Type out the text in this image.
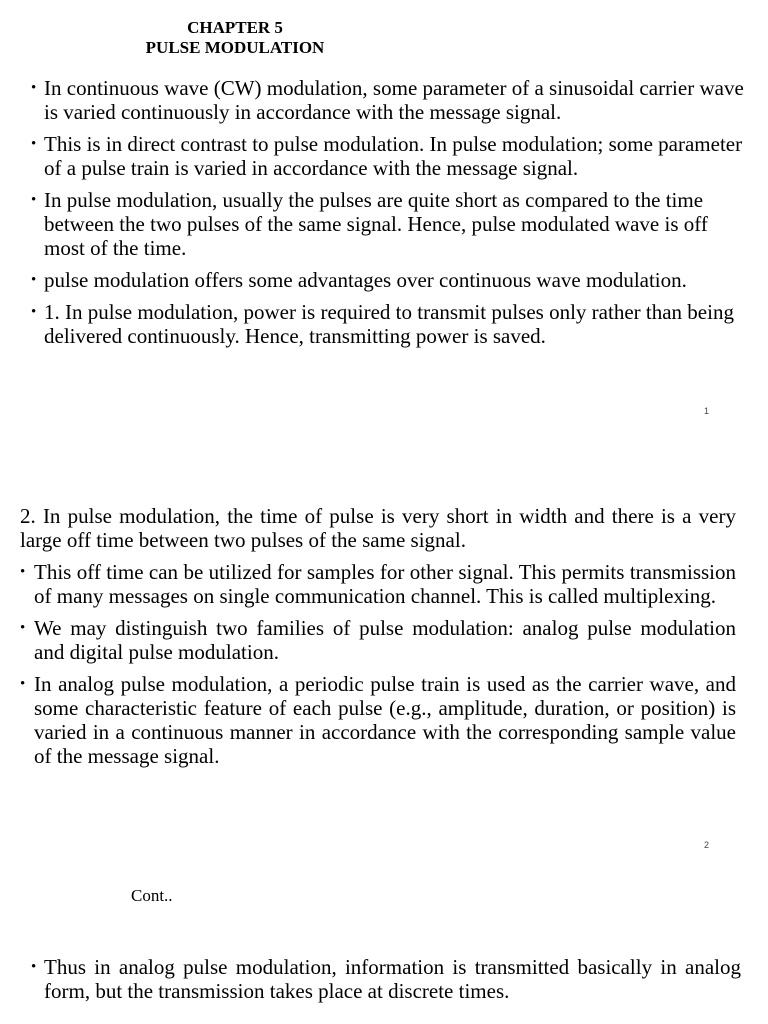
CHAPTER 5
PULSE MODULATION
• In continuous wave (CW) modulation, some parameter of a sinusoidal carrier wave is varied continuously in accordance with the message signal.
• This is in direct contrast to pulse modulation. In pulse modulation; some parameter of a pulse train is varied in accordance with the message signal.
• In pulse modulation, usually the pulses are quite short as compared to the time between the two pulses of the same signal. Hence, pulse modulated wave is off most of the time.
• pulse modulation offers some advantages over continuous wave modulation.
• 1. In pulse modulation, power is required to transmit pulses only rather than being delivered continuously. Hence, transmitting power is saved.
1
2. In pulse modulation, the time of pulse is very short in width and there is a very large off time between two pulses of the same signal.
• This off time can be utilized for samples for other signal. This permits transmission of many messages on single communication channel. This is called multiplexing.
• We may distinguish two families of pulse modulation: analog pulse modulation and digital pulse modulation.
• In analog pulse modulation, a periodic pulse train is used as the carrier wave, and some characteristic feature of each pulse (e.g., amplitude, duration, or position) is varied in a continuous manner in accordance with the corresponding sample value of the message signal.
2
Cont..
• Thus in analog pulse modulation, information is transmitted basically in analog form, but the transmission takes place at discrete times.
